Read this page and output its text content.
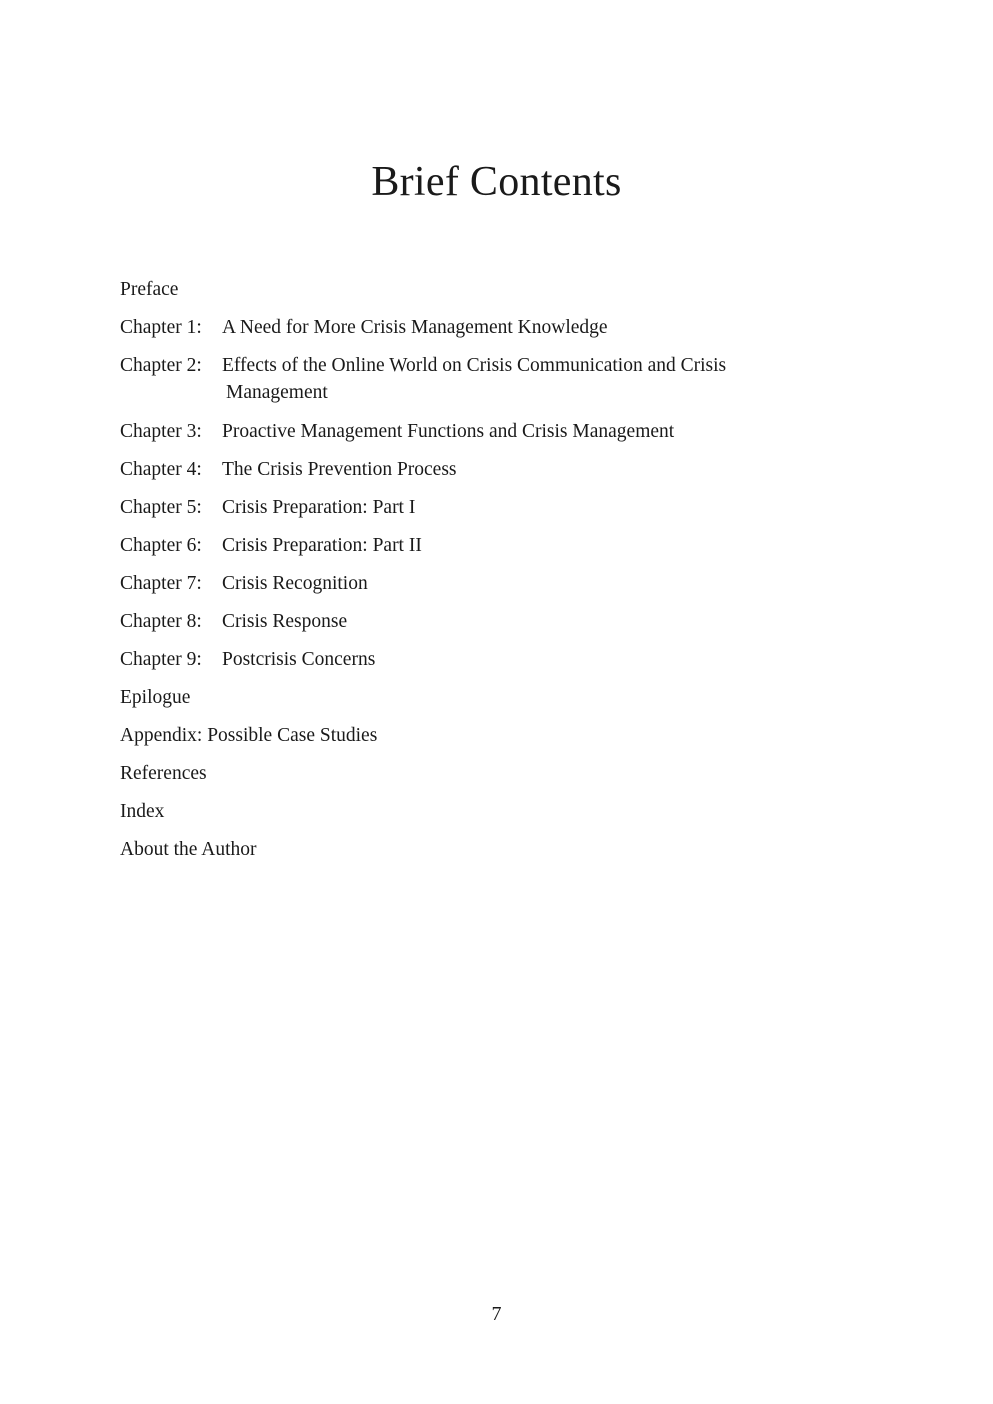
Brief Contents
Preface
Chapter 1:	A Need for More Crisis Management Knowledge
Chapter 2:	Effects of the Online World on Crisis Communication and Crisis Management
Chapter 3:	Proactive Management Functions and Crisis Management
Chapter 4:	The Crisis Prevention Process
Chapter 5:	Crisis Preparation: Part I
Chapter 6:	Crisis Preparation: Part II
Chapter 7:	Crisis Recognition
Chapter 8:	Crisis Response
Chapter 9:	Postcrisis Concerns
Epilogue
Appendix: Possible Case Studies
References
Index
About the Author
7
